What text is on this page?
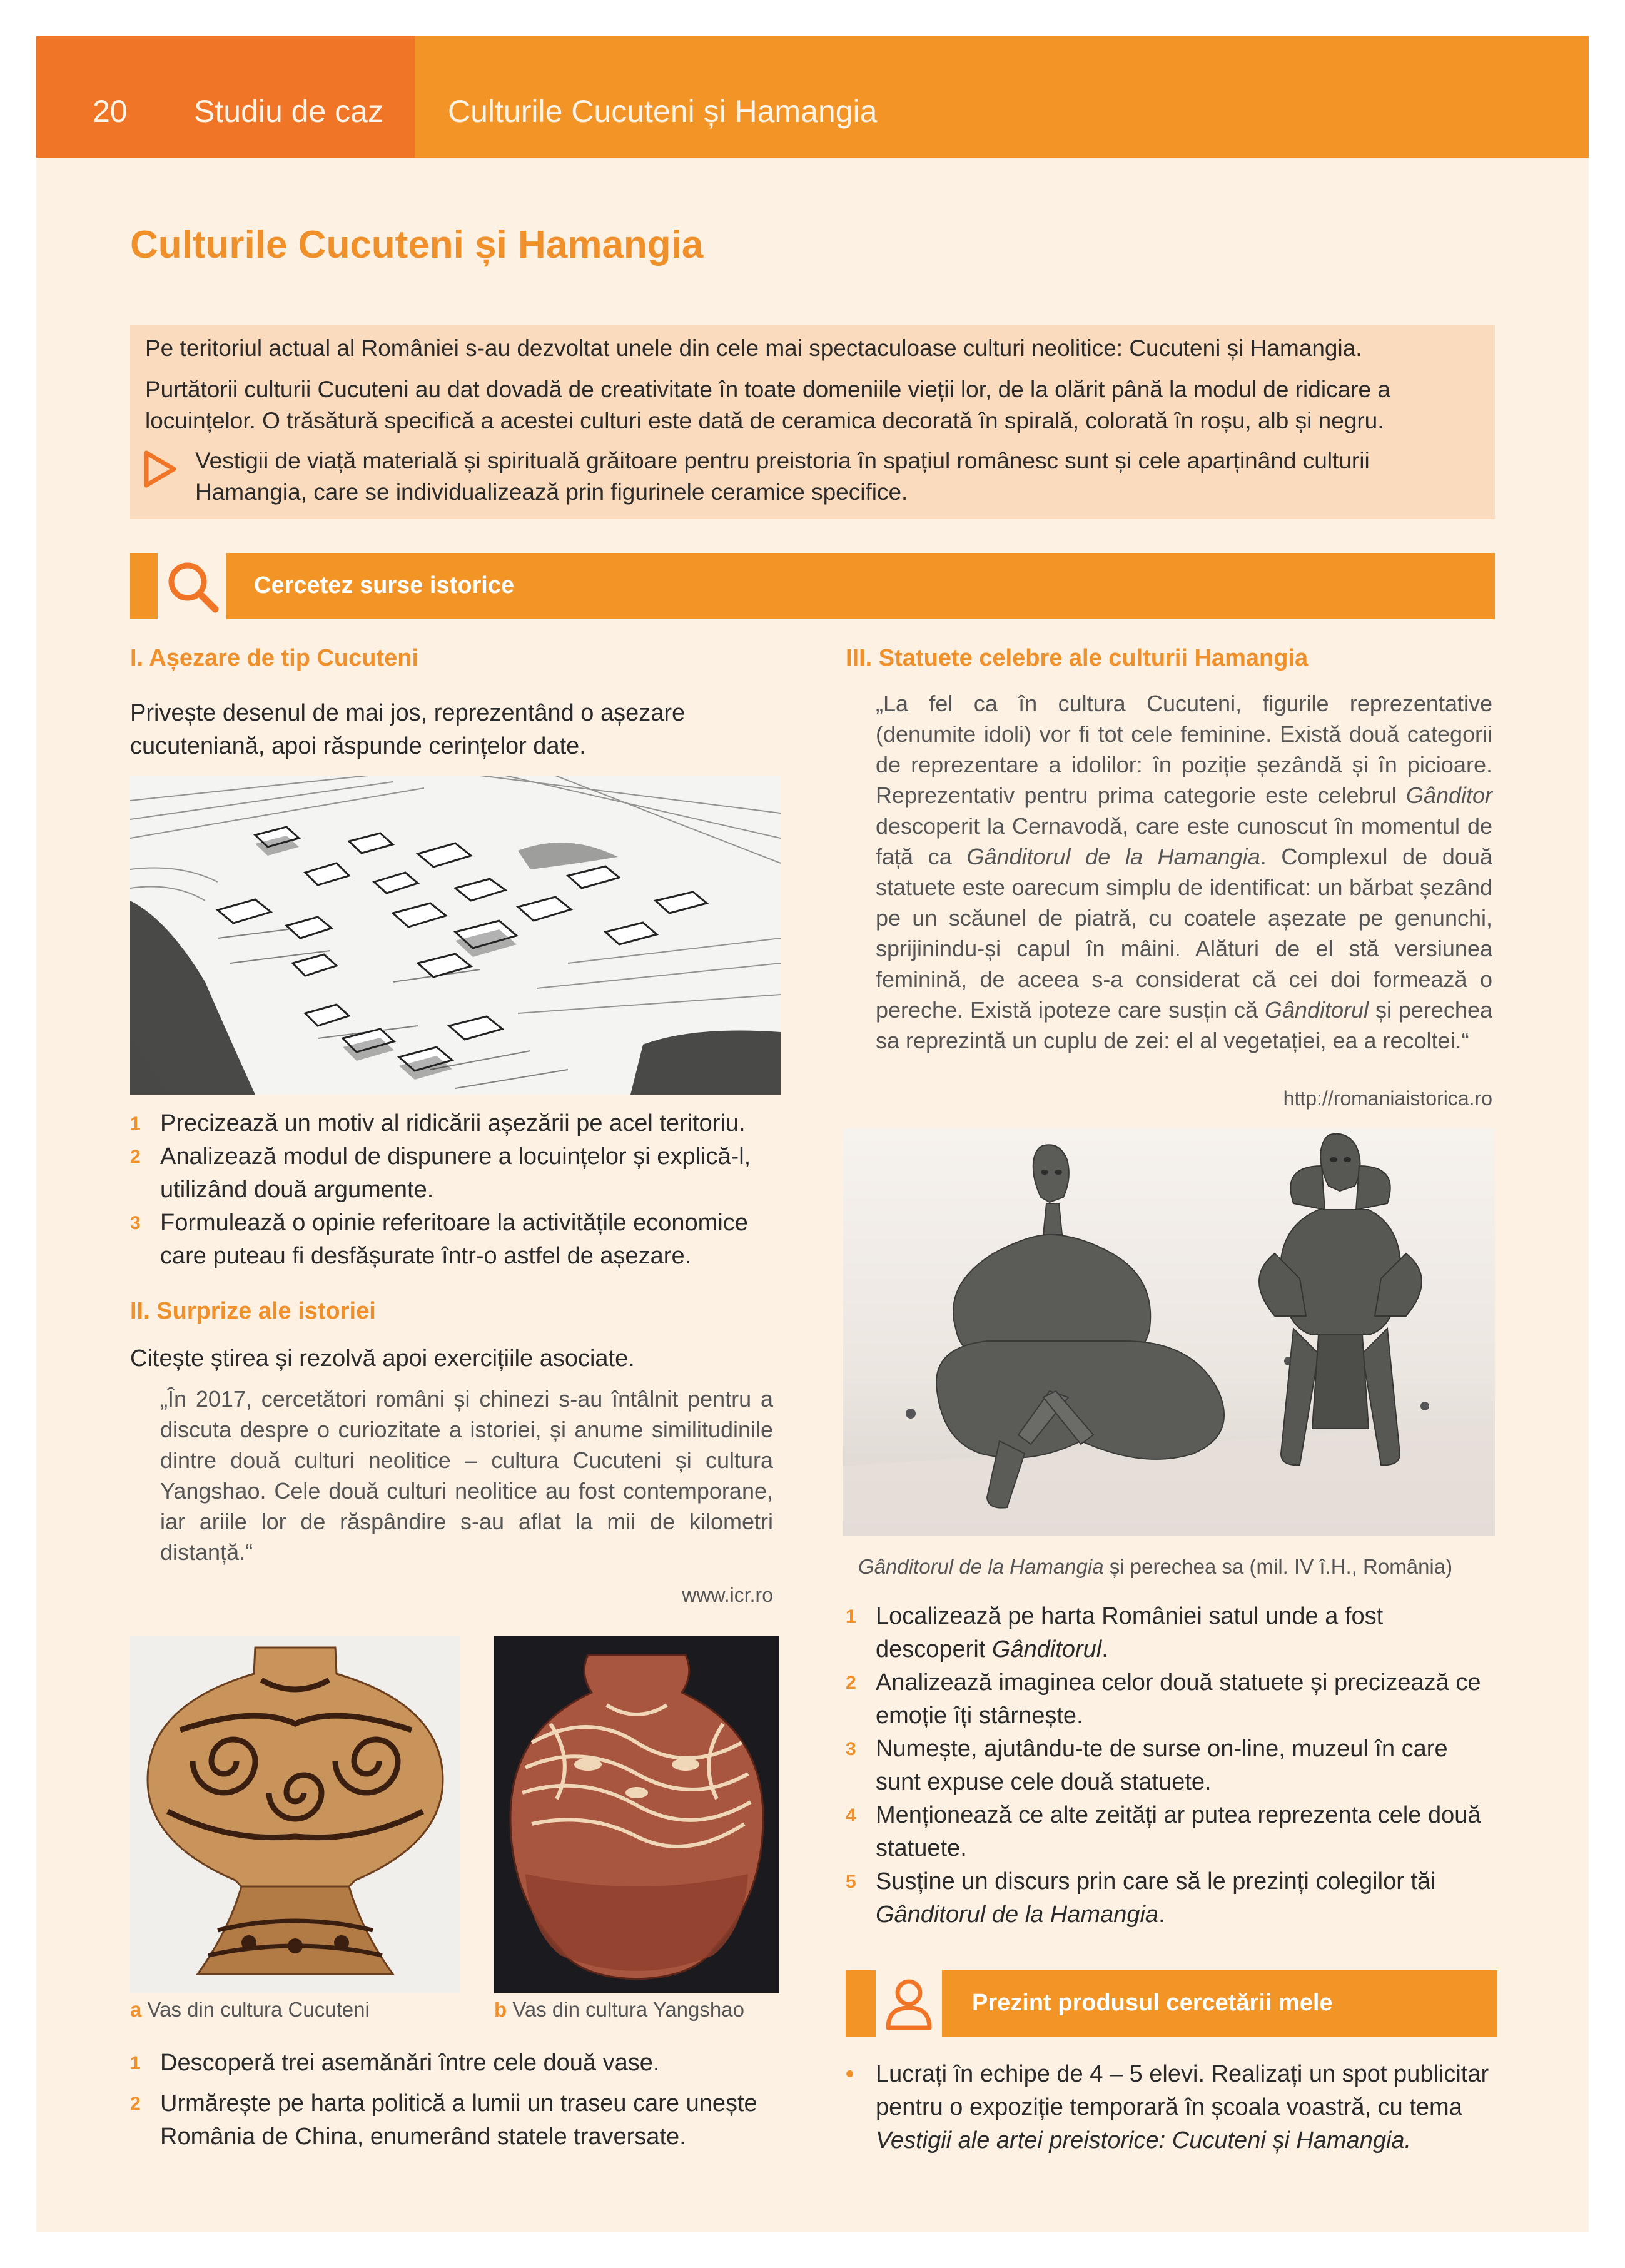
20 Studiu de caz Culturile Cucuteni și Hamangia
Culturile Cucuteni și Hamangia
Pe teritoriul actual al României s-au dezvoltat unele din cele mai spectaculoase culturi neolitice: Cucuteni și Hamangia.
Purtătorii culturii Cucuteni au dat dovadă de creativitate în toate domeniile vieții lor, de la olărit până la modul de ridicare a locuințelor. O trăsătură specifică a acestei culturi este dată de ceramica decorată în spirală, colorată în roșu, alb și negru.
Vestigii de viață materială și spirituală grăitoare pentru preistoria în spațiul românesc sunt și cele aparținând culturii Hamangia, care se individualizează prin figurinele ceramice specifice.
Cercetez surse istorice
I. Așezare de tip Cucuteni
Privește desenul de mai jos, reprezentând o așezare cucuteniană, apoi răspunde cerințelor date.
1 Precizează un motiv al ridicării așezării pe acel teritoriu.
2 Analizează modul de dispunere a locuințelor și explică-l, utilizând două argumente.
3 Formulează o opinie referitoare la activitățile economice care puteau fi desfășurate într-o astfel de așezare.
II. Surprize ale istoriei
Citește știrea și rezolvă apoi exercițiile asociate.
„În 2017, cercetători români și chinezi s-au întâlnit pentru a discuta despre o curiozitate a istoriei, și anume similitudinile dintre două culturi neolitice – cultura Cucuteni și cultura Yangshao. Cele două culturi neolitice au fost contemporane, iar ariile lor de răspândire s-au aflat la mii de kilometri distanță.“
www.icr.ro
a Vas din cultura Cucuteni	b Vas din cultura Yangshao
1 Descoperă trei asemănări între cele două vase.
2 Urmărește pe harta politică a lumii un traseu care unește România de China, enumerând statele traversate.
III. Statuete celebre ale culturii Hamangia
„La fel ca în cultura Cucuteni, figurile reprezentative (denumite idoli) vor fi tot cele feminine. Există două categorii de reprezentare a idolilor: în poziție șezândă și în picioare. Reprezentativ pentru prima categorie este celebrul Gânditor descoperit la Cernavodă, care este cunoscut în momentul de față ca Gânditorul de la Hamangia. Complexul de două statuete este oarecum simplu de identificat: un bărbat șezând pe un scăunel de piatră, cu coatele așezate pe genunchi, sprijinindu-și capul în mâini. Alături de el stă versiunea feminină, de aceea s-a considerat că cei doi formează o pereche. Există ipoteze care susțin că Gânditorul și perechea sa reprezintă un cuplu de zei: el al vegetației, ea a recoltei.“
http://romaniaistorica.ro
Gânditorul de la Hamangia și perechea sa (mil. IV î.H., România)
1 Localizează pe harta României satul unde a fost descoperit Gânditorul.
2 Analizează imaginea celor două statuete și precizează ce emoție îți stârnește.
3 Numește, ajutându-te de surse on-line, muzeul în care sunt expuse cele două statuete.
4 Menționează ce alte zeități ar putea reprezenta cele două statuete.
5 Susține un discurs prin care să le prezinți colegilor tăi Gânditorul de la Hamangia.
Prezint produsul cercetării mele
• Lucrați în echipe de 4 – 5 elevi. Realizați un spot publicitar pentru o expoziție temporară în școala voastră, cu tema Vestigii ale artei preistorice: Cucuteni și Hamangia.
